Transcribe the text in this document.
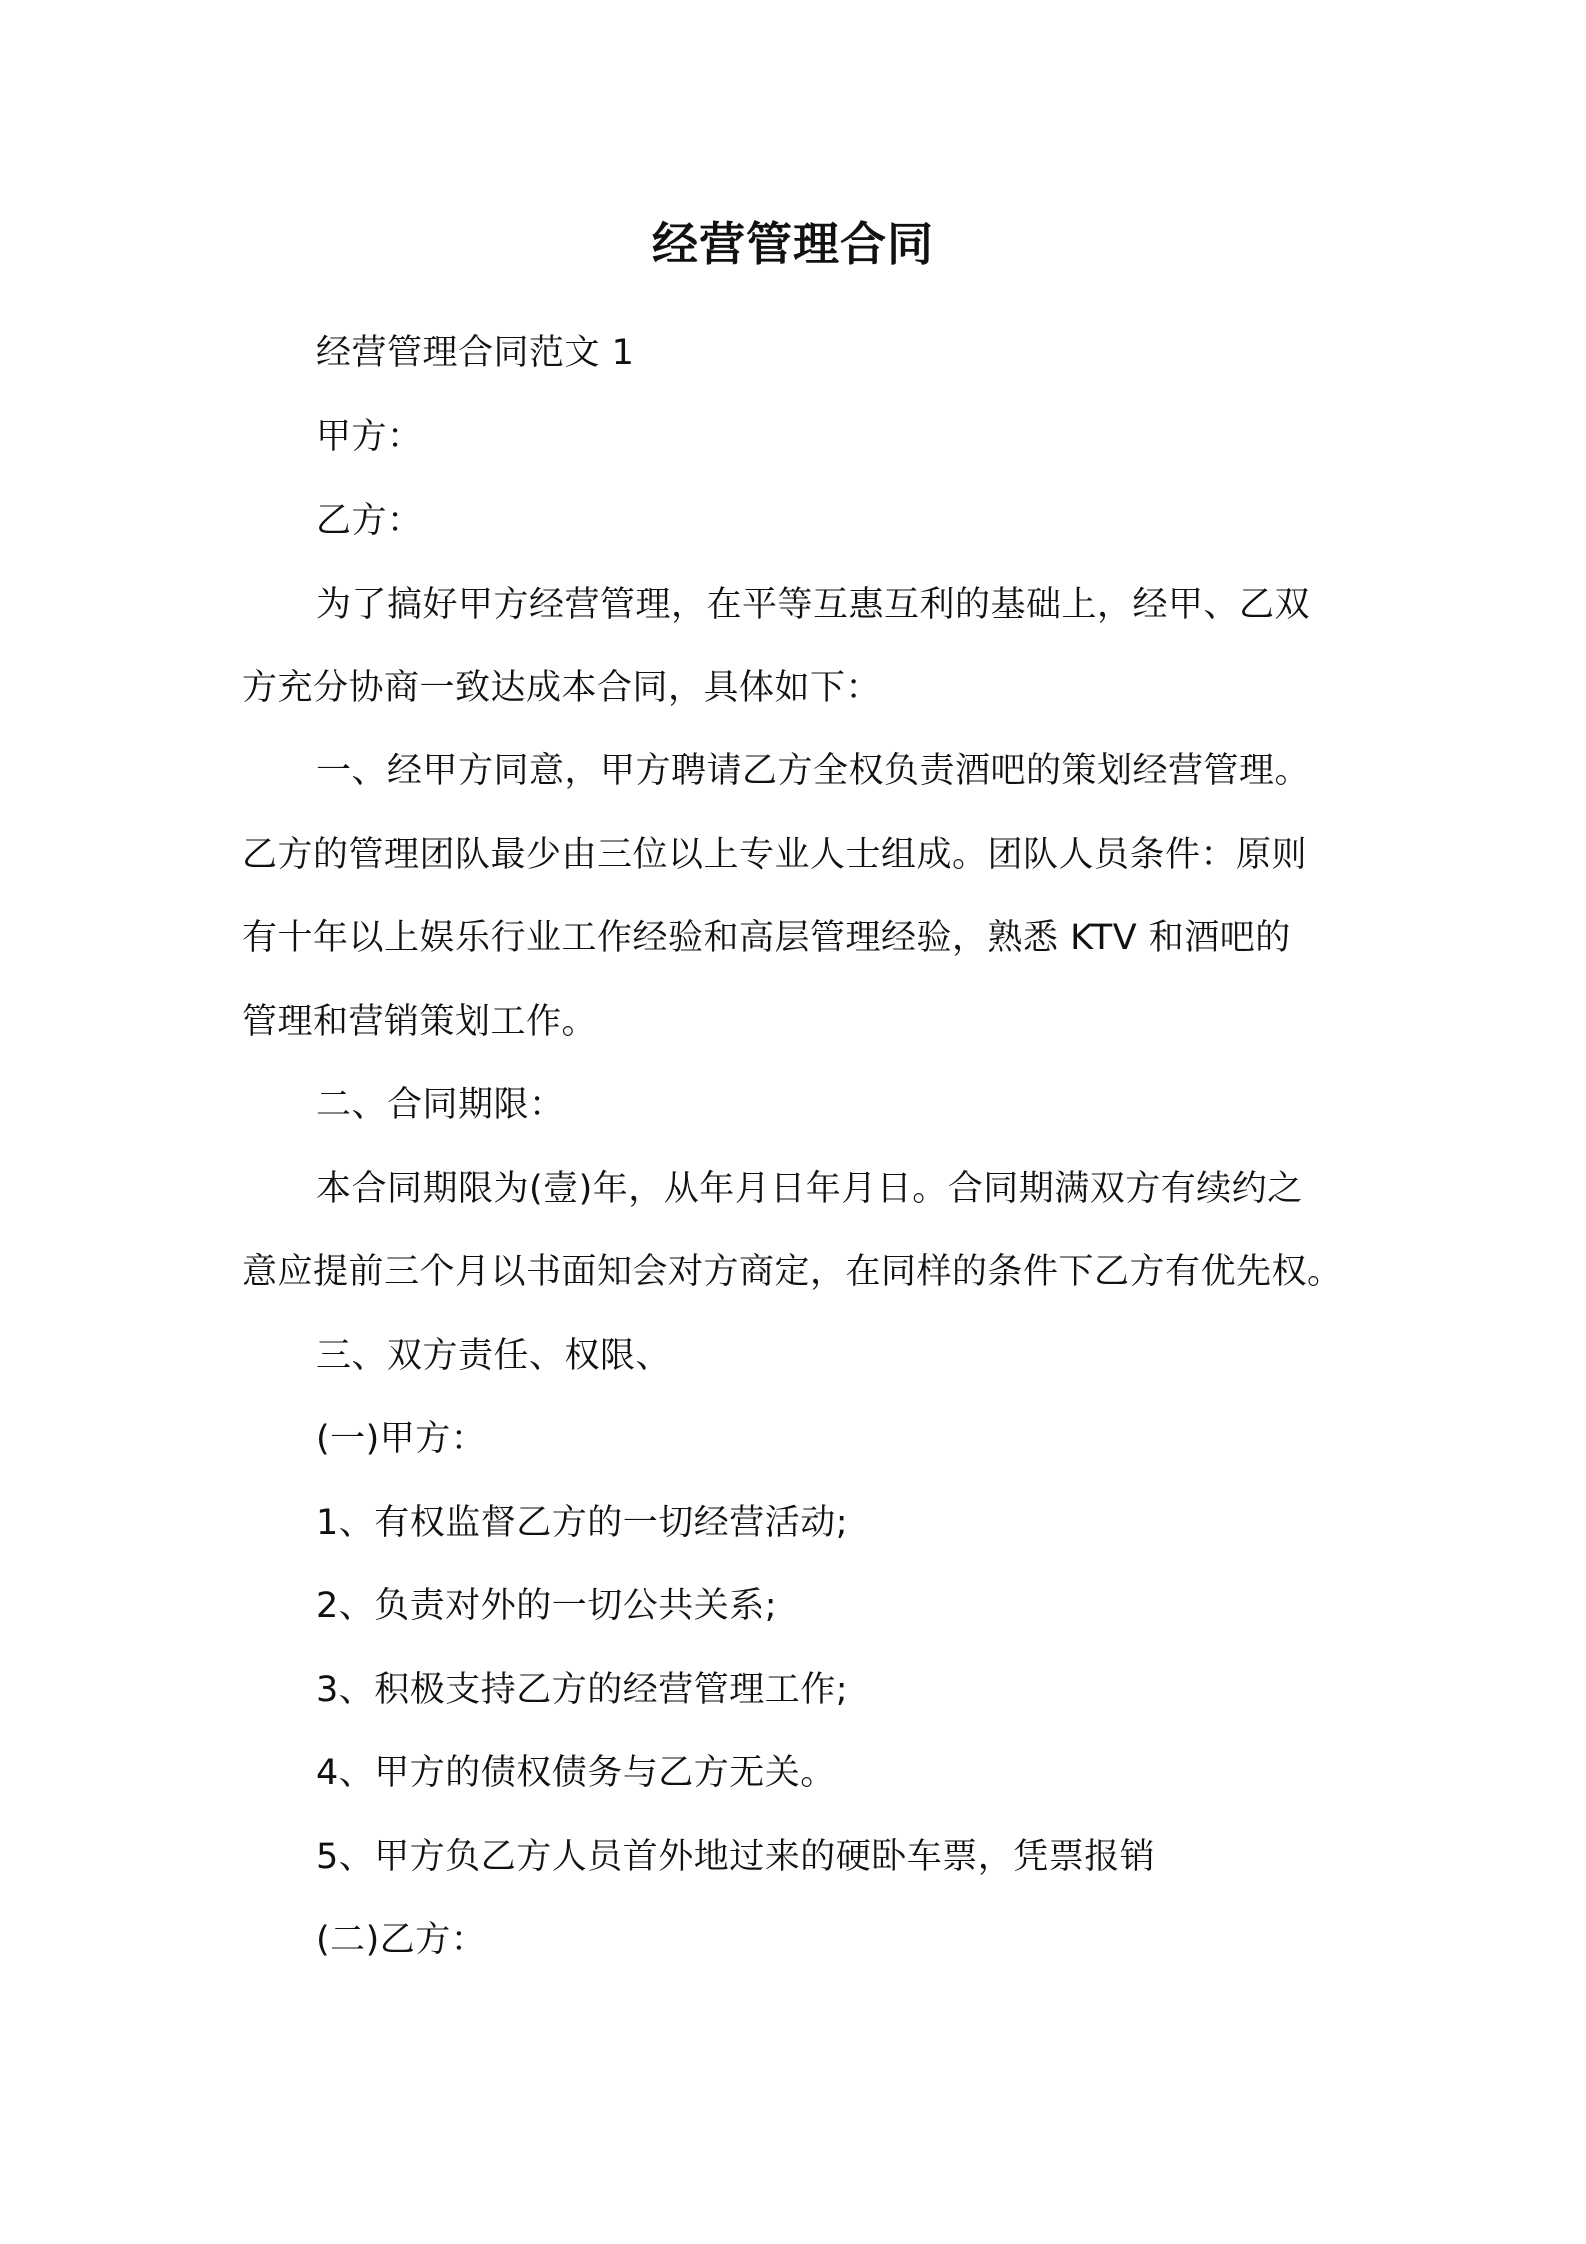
经营管理合同
经营管理合同范文 1
甲方：
乙方：
为了搞好甲方经营管理，在平等互惠互利的基础上，经甲、乙双
方充分协商一致达成本合同，具体如下：
一、经甲方同意，甲方聘请乙方全权负责酒吧的策划经营管理。
乙方的管理团队最少由三位以上专业人士组成。团队人员条件：原则
有十年以上娱乐行业工作经验和高层管理经验，熟悉 KTV 和酒吧的
管理和营销策划工作。
二、合同期限：
本合同期限为(壹)年，从年月日年月日。合同期满双方有续约之
意应提前三个月以书面知会对方商定，在同样的条件下乙方有优先权。
三、双方责任、权限、
(一)甲方：
1、有权监督乙方的一切经营活动;
2、负责对外的一切公共关系;
3、积极支持乙方的经营管理工作;
4、甲方的债权债务与乙方无关。
5、甲方负乙方人员首外地过来的硬卧车票，凭票报销
(二)乙方：
